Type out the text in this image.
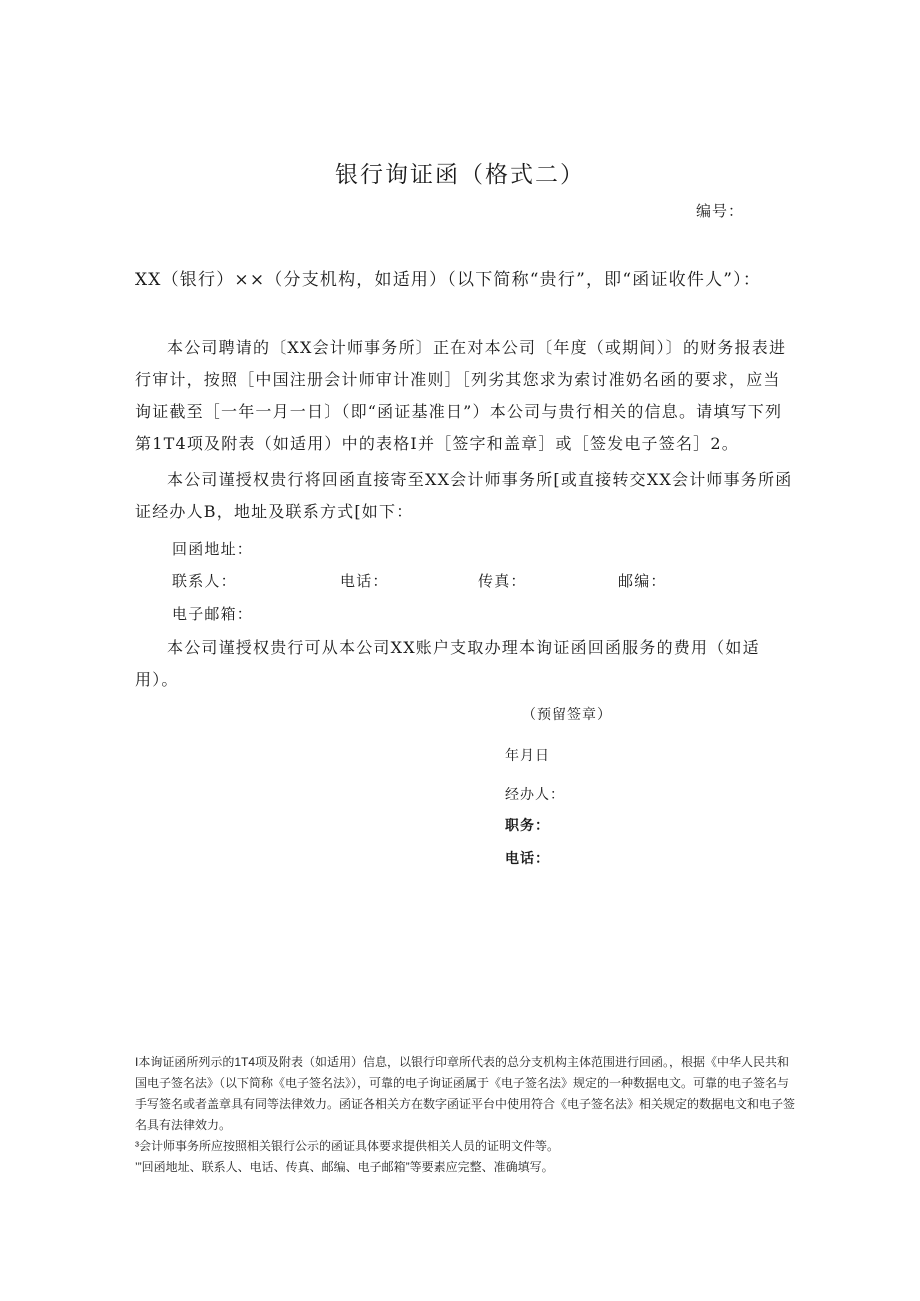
银行询证函（格式二）
编号：
XX（银行）××（分支机构，如适用）（以下简称“贵行”，即“函证收件人”）：
本公司聘请的〔XX会计师事务所〕正在对本公司〔年度（或期间）〕的财务报表进行审计，按照［中国注册会计师审计准则］［列劣其您求为索讨准奶名函的要求，应当询证截至［一年一月一日〕（即“函证基准日”）本公司与贵行相关的信息。请填写下列第1T4项及附表（如适用）中的表格I并［签字和盖章］或［签发电子签名］2。
本公司谨授权贵行将回函直接寄至XX会计师事务所[或直接转交XX会计师事务所函证经办人B，地址及联系方式[如下：
回函地址：
联系人：	电话：	传真：	邮编：
电子邮箱：
本公司谨授权贵行可从本公司XX账户支取办理本询证函回函服务的费用（如适用）。
（预留签章）
年月日
经办人：
职务：
电话：

I本询证函所列示的1T4项及附表（如适用）信息，以银行印章所代表的总分支机构主体范围进行回函。，根据《中华人民共和国电子签名法》（以下简称《电子签名法》），可靠的电子询证函属于《电子签名法》规定的一种数据电文。可靠的电子签名与手写签名或者盖章具有同等法律效力。函证各相关方在数字函证平台中使用符合《电子签名法》相关规定的数据电文和电子签名具有法律效力。

³会计师事务所应按照相关银行公示的函证具体要求提供相关人员的证明文件等。

’”回函地址、联系人、电话、传真、邮编、电子邮箱”等要素应完整、准确填写。
